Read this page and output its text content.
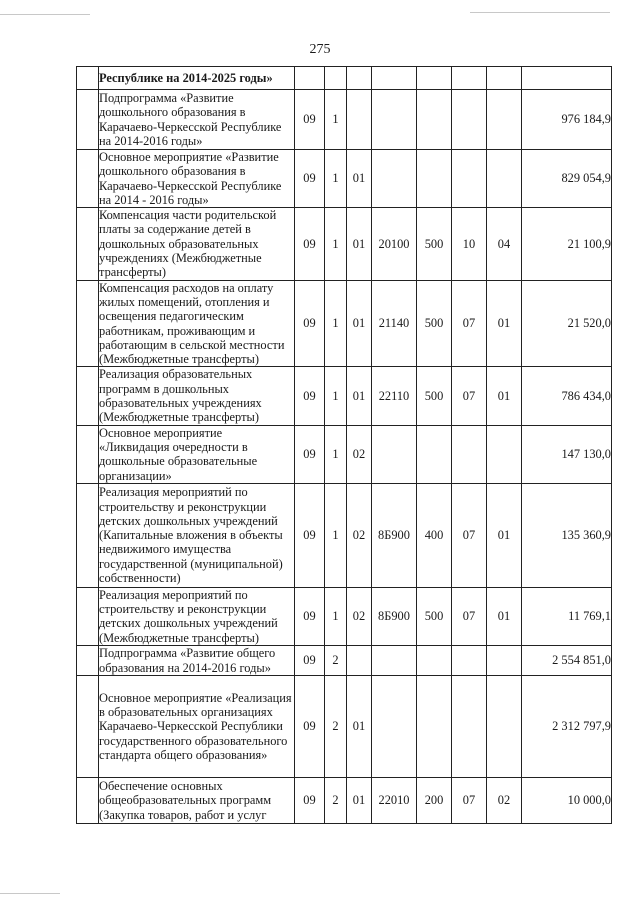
275
	Республике на 2014-2025 годы»								
	Подпрограмма «Развитие дошкольного образования в Карачаево-Черкесской Республике на 2014-2016 годы»	09	1						976 184,9
	Основное мероприятие «Развитие дошкольного образования в Карачаево-Черкесской Республике на 2014 - 2016 годы»	09	1	01					829 054,9
	Компенсация части родительской платы за содержание детей в дошкольных образовательных учреждениях (Межбюджетные трансферты)	09	1	01	20100	500	10	04	21 100,9
	Компенсация расходов на оплату жилых помещений, отопления и освещения педагогическим работникам, проживающим и работающим в сельской местности (Межбюджетные трансферты)	09	1	01	21140	500	07	01	21 520,0
	Реализация образовательных программ в дошкольных образовательных учреждениях (Межбюджетные трансферты)	09	1	01	22110	500	07	01	786 434,0
	Основное мероприятие «Ликвидация очередности в дошкольные образовательные организации»	09	1	02					147 130,0
	Реализация мероприятий по строительству и реконструкции детских дошкольных учреждений (Капитальные вложения в объекты недвижимого имущества государственной (муниципальной) собственности)	09	1	02	8Б900	400	07	01	135 360,9
	Реализация мероприятий по строительству и реконструкции детских дошкольных учреждений (Межбюджетные трансферты)	09	1	02	8Б900	500	07	01	11 769,1
	Подпрограмма «Развитие общего образования на 2014-2016 годы»	09	2						2 554 851,0
	Основное мероприятие «Реализация в образовательных организациях Карачаево-Черкесской Республики государственного образовательного стандарта общего образования»	09	2	01					2 312 797,9
	Обеспечение основных общеобразовательных программ (Закупка товаров, работ и услуг	09	2	01	22010	200	07	02	10 000,0
